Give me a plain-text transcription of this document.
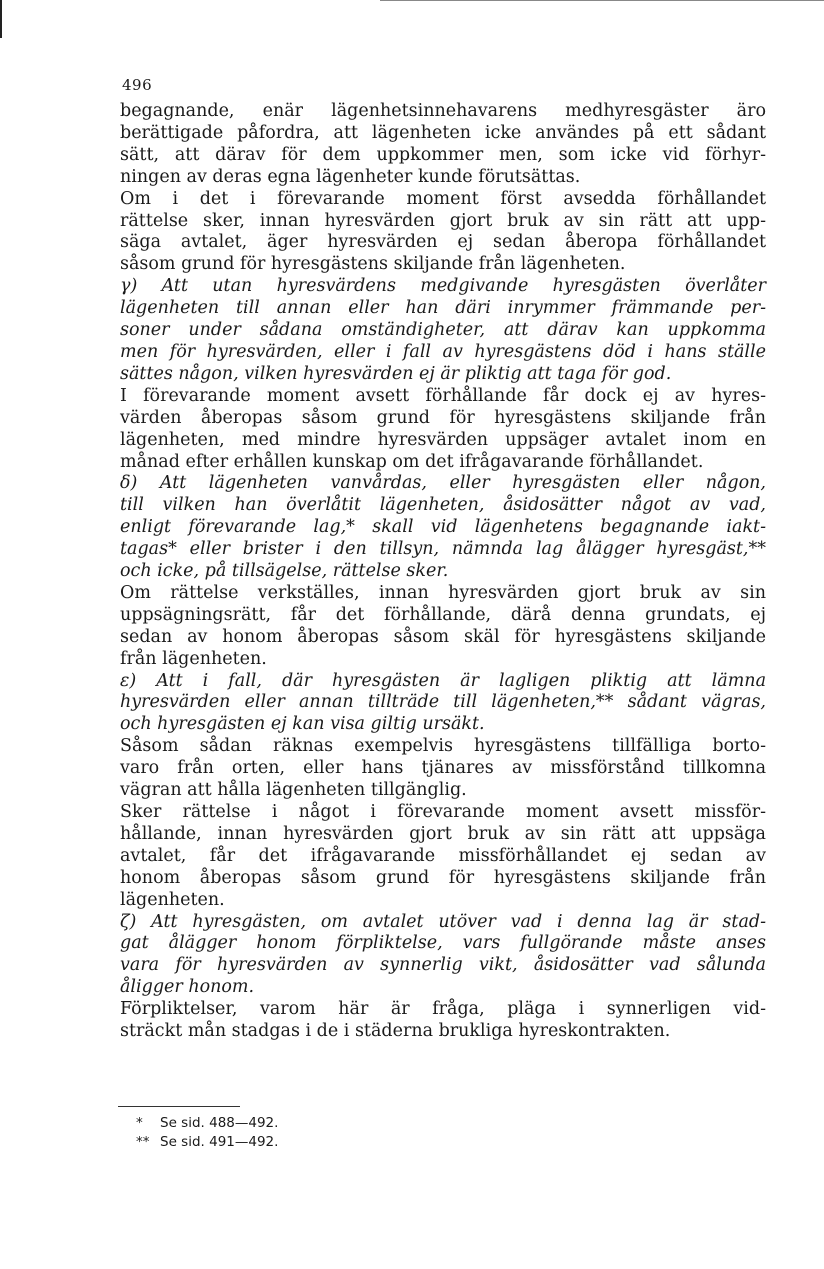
496
begagnande, enär lägenhetsinnehavarens medhyresgäster äro
berättigade påfordra, att lägenheten icke användes på ett sådant
sätt, att därav för dem uppkommer men, som icke vid förhyr-
ningen av deras egna lägenheter kunde förutsättas.
Om i det i förevarande moment först avsedda förhållandet
rättelse sker, innan hyresvärden gjort bruk av sin rätt att upp-
säga avtalet, äger hyresvärden ej sedan åberopa förhållandet
såsom grund för hyresgästens skiljande från lägenheten.
γ) Att utan hyresvärdens medgivande hyresgästen överlåter
lägenheten till annan eller han däri inrymmer främmande per-
soner under sådana omständigheter, att därav kan uppkomma
men för hyresvärden, eller i fall av hyresgästens död i hans ställe
sättes någon, vilken hyresvärden ej är pliktig att taga för god.
I förevarande moment avsett förhållande får dock ej av hyres-
värden åberopas såsom grund för hyresgästens skiljande från
lägenheten, med mindre hyresvärden uppsäger avtalet inom en
månad efter erhållen kunskap om det ifrågavarande förhållandet.
δ) Att lägenheten vanvårdas, eller hyresgästen eller någon,
till vilken han överlåtit lägenheten, åsidosätter något av vad,
enligt förevarande lag,* skall vid lägenhetens begagnande iakt-
tagas* eller brister i den tillsyn, nämnda lag ålägger hyresgäst,**
och icke, på tillsägelse, rättelse sker.
Om rättelse verkställes, innan hyresvärden gjort bruk av sin
uppsägningsrätt, får det förhållande, därå denna grundats, ej
sedan av honom åberopas såsom skäl för hyresgästens skiljande
från lägenheten.
ε) Att i fall, där hyresgästen är lagligen pliktig att lämna
hyresvärden eller annan tillträde till lägenheten,** sådant vägras,
och hyresgästen ej kan visa giltig ursäkt.
Såsom sådan räknas exempelvis hyresgästens tillfälliga borto-
varo från orten, eller hans tjänares av missförstånd tillkomna
vägran att hålla lägenheten tillgänglig.
Sker rättelse i något i förevarande moment avsett missför-
hållande, innan hyresvärden gjort bruk av sin rätt att uppsäga
avtalet, får det ifrågavarande missförhållandet ej sedan av
honom åberopas såsom grund för hyresgästens skiljande från
lägenheten.
ζ) Att hyresgästen, om avtalet utöver vad i denna lag är stad-
gat ålägger honom förpliktelse, vars fullgörande måste anses
vara för hyresvärden av synnerlig vikt, åsidosätter vad sålunda
åligger honom.
Förpliktelser, varom här är fråga, pläga i synnerligen vid-
sträckt mån stadgas i de i städerna brukliga hyreskontrakten.
* Se sid. 488—492.
** Se sid. 491—492.
